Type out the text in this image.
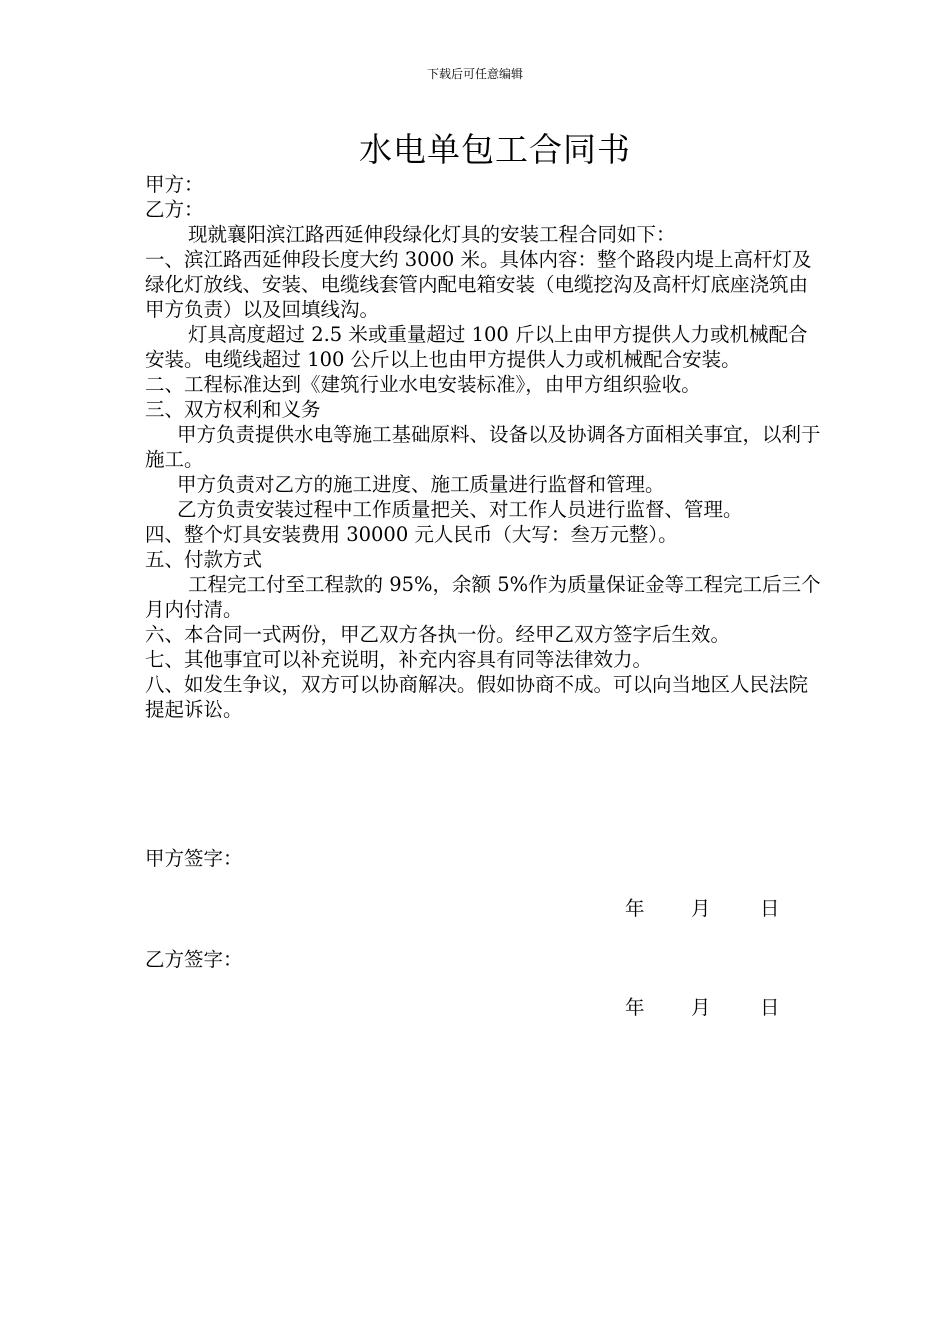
下载后可任意编辑
水电单包工合同书

甲方：

乙方：

现就襄阳滨江路西延伸段绿化灯具的安装工程合同如下：

一、滨江路西延伸段长度大约 3000 米。具体内容：整个路段内堤上高杆灯及绿化灯放线、安装、电缆线套管内配电箱安装（电缆挖沟及高杆灯底座浇筑由甲方负责）以及回填线沟。

灯具高度超过 2.5 米或重量超过 100 斤以上由甲方提供人力或机械配合安装。电缆线超过 100 公斤以上也由甲方提供人力或机械配合安装。

二、工程标准达到《建筑行业水电安装标准》，由甲方组织验收。

三、双方权利和义务

甲方负责提供水电等施工基础原料、设备以及协调各方面相关事宜，以利于施工。

甲方负责对乙方的施工进度、施工质量进行监督和管理。

乙方负责安装过程中工作质量把关、对工作人员进行监督、管理。

四、整个灯具安装费用 30000 元人民币（大写：叁万元整）。

五、付款方式

工程完工付至工程款的 95%，余额 5%作为质量保证金等工程完工后三个月内付清。

六、本合同一式两份，甲乙双方各执一份。经甲乙双方签字后生效。

七、其他事宜可以补充说明，补充内容具有同等法律效力。

八、如发生争议，双方可以协商解决。假如协商不成。可以向当地区人民法院提起诉讼。

甲方签字：
年 月	日
乙方签字：
年 月	日
